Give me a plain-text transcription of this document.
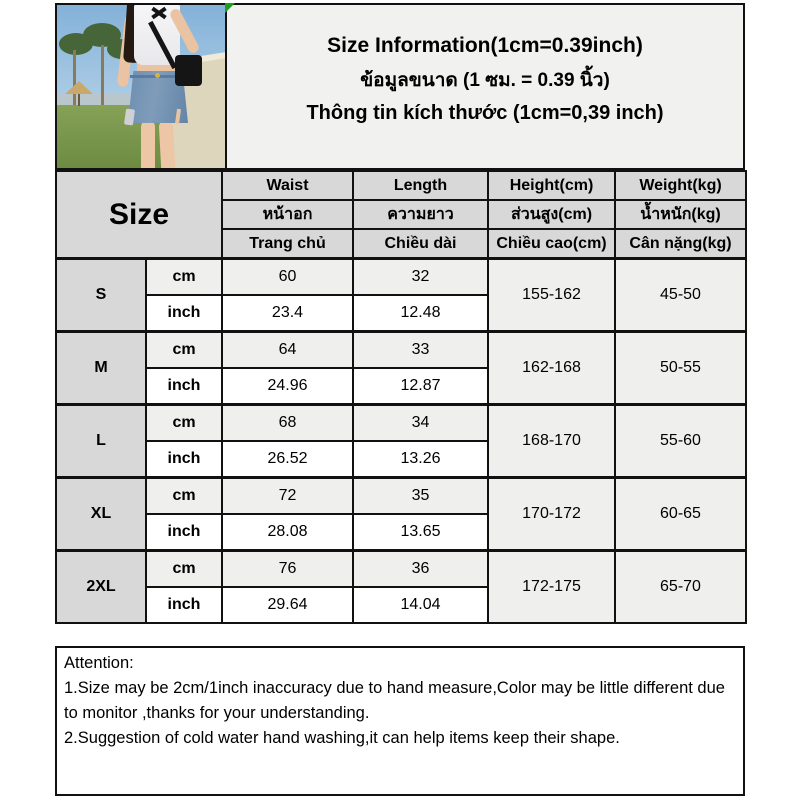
Size Information(1cm=0.39inch)
ข้อมูลขนาด (1 ซม. = 0.39 นิ้ว)
Thông tin kích thước (1cm=0,39 inch)
Size		Waist	Length	Height(cm)	Weight(kg)
		หน้าอก	ความยาว	ส่วนสูง(cm)	น้ำหนัก(kg)
		Trang chủ	Chiều dài	Chiều cao(cm)	Cân nặng(kg)
S	cm	60	32	155-162	45-50
	inch	23.4	12.48		
M	cm	64	33	162-168	50-55
	inch	24.96	12.87		
L	cm	68	34	168-170	55-60
	inch	26.52	13.26		
XL	cm	72	35	170-172	60-65
	inch	28.08	13.65		
2XL	cm	76	36	172-175	65-70
	inch	29.64	14.04		
Attention:
1.Size may be 2cm/1inch inaccuracy due to hand measure,Color may be little different due to monitor ,thanks for your understanding.
2.Suggestion of cold water hand washing,it can help items keep their shape.
